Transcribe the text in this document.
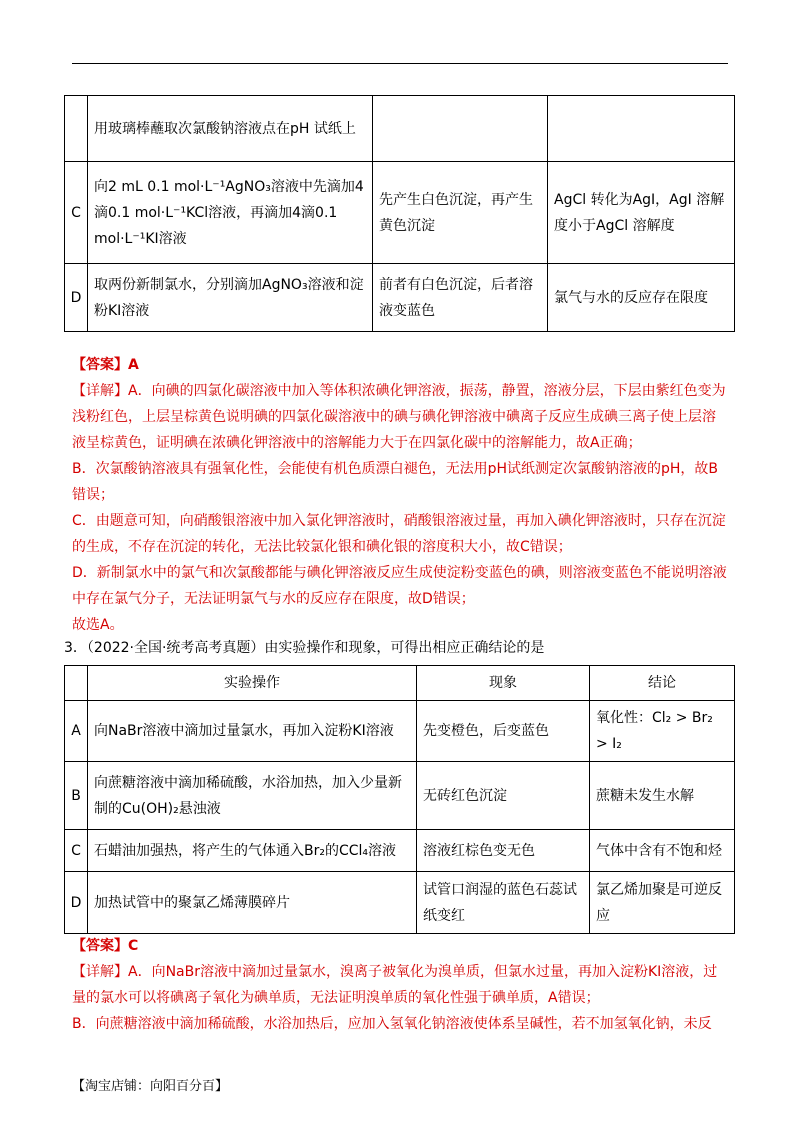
	用玻璃棒蘸取次氯酸钠溶液点在pH 试纸上		
C	向2 mL 0.1 mol·L⁻¹AgNO₃溶液中先滴加4滴0.1 mol·L⁻¹KCl溶液，再滴加4滴0.1 mol·L⁻¹KI溶液	先产生白色沉淀，再产生黄色沉淀	AgCl 转化为AgI，AgI 溶解度小于AgCl 溶解度
D	取两份新制氯水，分别滴加AgNO₃溶液和淀粉KI溶液	前者有白色沉淀，后者溶液变蓝色	氯气与水的反应存在限度
【答案】A
【详解】A．向碘的四氯化碳溶液中加入等体积浓碘化钾溶液，振荡，静置，溶液分层，下层由紫红色变为浅粉红色，上层呈棕黄色说明碘的四氯化碳溶液中的碘与碘化钾溶液中碘离子反应生成碘三离子使上层溶液呈棕黄色，证明碘在浓碘化钾溶液中的溶解能力大于在四氯化碳中的溶解能力，故A正确；
B．次氯酸钠溶液具有强氧化性，会能使有机色质漂白褪色，无法用pH试纸测定次氯酸钠溶液的pH，故B错误；
C．由题意可知，向硝酸银溶液中加入氯化钾溶液时，硝酸银溶液过量，再加入碘化钾溶液时，只存在沉淀的生成，不存在沉淀的转化，无法比较氯化银和碘化银的溶度积大小，故C错误；
D．新制氯水中的氯气和次氯酸都能与碘化钾溶液反应生成使淀粉变蓝色的碘，则溶液变蓝色不能说明溶液中存在氯气分子，无法证明氯气与水的反应存在限度，故D错误；
故选A。
3．（2022·全国·统考高考真题）由实验操作和现象，可得出相应正确结论的是
	实验操作	现象	结论
A	向NaBr溶液中滴加过量氯水，再加入淀粉KI溶液	先变橙色，后变蓝色	氧化性：Cl₂ > Br₂ > I₂
B	向蔗糖溶液中滴加稀硫酸，水浴加热，加入少量新制的Cu(OH)₂悬浊液	无砖红色沉淀	蔗糖未发生水解
C	石蜡油加强热，将产生的气体通入Br₂的CCl₄溶液	溶液红棕色变无色	气体中含有不饱和烃
D	加热试管中的聚氯乙烯薄膜碎片	试管口润湿的蓝色石蕊试纸变红	氯乙烯加聚是可逆反应
【答案】C
【详解】A．向NaBr溶液中滴加过量氯水，溴离子被氧化为溴单质，但氯水过量，再加入淀粉KI溶液，过量的氯水可以将碘离子氧化为碘单质，无法证明溴单质的氧化性强于碘单质，A错误；
B．向蔗糖溶液中滴加稀硫酸，水浴加热后，应加入氢氧化钠溶液使体系呈碱性，若不加氢氧化钠，未反
【淘宝店铺：向阳百分百】
